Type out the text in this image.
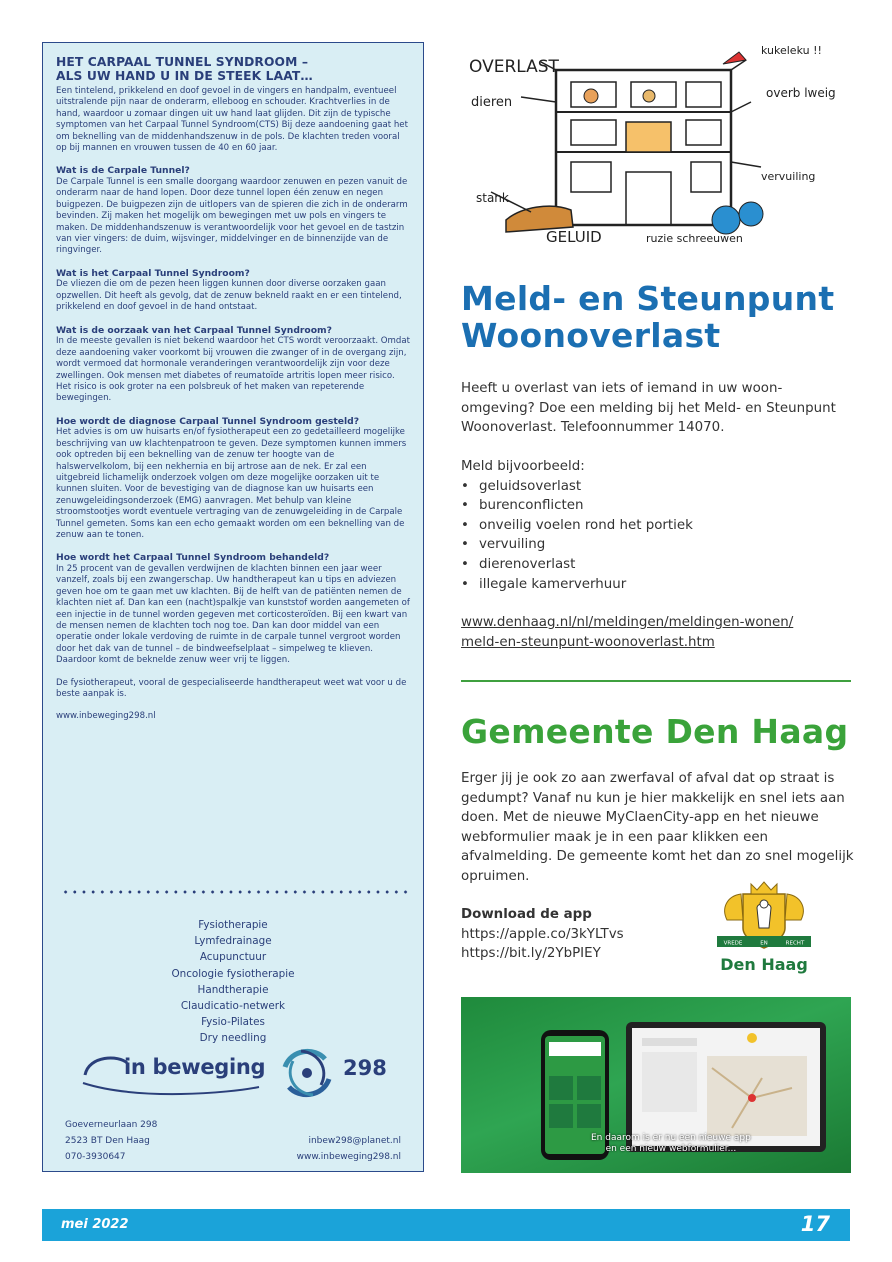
HET CARPAAL TUNNEL SYNDROOM –
ALS UW HAND U IN DE STEEK LAAT…

Een tintelend, prikkelend en doof gevoel in de vingers en handpalm, eventueel uitstralende pijn naar de onderarm, elleboog en schouder. Krachtverlies in de hand, waardoor u zomaar dingen uit uw hand laat glijden. Dit zijn de typische symptomen van het Carpaal Tunnel Syndroom(CTS) Bij deze aandoening gaat het om beknelling van de middenhandszenuw in de pols. De klachten treden vooral op bij mannen en vrouwen tussen de 40 en 60 jaar.

Wat is de Carpale Tunnel?

De Carpale Tunnel is een smalle doorgang waardoor zenuwen en pezen vanuit de onderarm naar de hand lopen. Door deze tunnel lopen één zenuw en negen buigpezen. De buigpezen zijn de uitlopers van de spieren die zich in de onderarm bevinden. Zij maken het mogelijk om bewegingen met uw pols en vingers te maken. De middenhandszenuw is verantwoordelijk voor het gevoel en de tastzin van vier vingers: de duim, wijsvinger, middelvinger en de binnenzijde van de ringvinger.

Wat is het Carpaal Tunnel Syndroom?

De vliezen die om de pezen heen liggen kunnen door diverse oorzaken gaan opzwellen. Dit heeft als gevolg, dat de zenuw bekneld raakt en er een tintelend, prikkelend en doof gevoel in de hand ontstaat.

Wat is de oorzaak van het Carpaal Tunnel Syndroom?

In de meeste gevallen is niet bekend waardoor het CTS wordt veroorzaakt. Omdat deze aandoening vaker voorkomt bij vrouwen die zwanger of in de overgang zijn, wordt vermoed dat hormonale veranderingen verantwoordelijk zijn voor deze zwellingen. Ook mensen met diabetes of reumatoïde artritis lopen meer risico. Het risico is ook groter na een polsbreuk of het maken van repeterende bewegingen.

Hoe wordt de diagnose Carpaal Tunnel Syndroom gesteld?

Het advies is om uw huisarts en/of fysiotherapeut een zo gedetailleerd mogelijke beschrijving van uw klachtenpatroon te geven. Deze symptomen kunnen immers ook optreden bij een beknelling van de zenuw ter hoogte van de halswervelkolom, bij een nekhernia en bij artrose aan de nek. Er zal een uitgebreid lichamelijk onderzoek volgen om deze mogelijke oorzaken uit te kunnen sluiten. Voor de bevestiging van de diagnose kan uw huisarts een zenuwgeleidingsonderzoek (EMG) aanvragen. Met behulp van kleine stroomstootjes wordt eventuele vertraging van de zenuwgeleiding in de Carpale Tunnel gemeten. Soms kan een echo gemaakt worden om een beknelling van de zenuw aan te tonen.

Hoe wordt het Carpaal Tunnel Syndroom behandeld?

In 25 procent van de gevallen verdwijnen de klachten binnen een jaar weer vanzelf, zoals bij een zwangerschap. Uw handtherapeut kan u tips en adviezen geven hoe om te gaan met uw klachten. Bij de helft van de patiënten nemen de klachten niet af. Dan kan een (nacht)spalkje van kunststof worden aangemeten of een injectie in de tunnel worden gegeven met corticosteroïden. Bij een kwart van de mensen nemen de klachten toch nog toe. Dan kan door middel van een operatie onder lokale verdoving de ruimte in de carpale tunnel vergroot worden door het dak van de tunnel – de bindweefselplaat – simpelweg te klieven. Daardoor komt de beknelde zenuw weer vrij te liggen.

De fysiotherapeut, vooral de gespecialiseerde handtherapeut weet wat voor u de beste aanpak is.

www.inbeweging298.nl

Fysiotherapie
Lymfedrainage
Acupunctuur
Oncologie fysiotherapie
Handtherapie
Claudicatio-netwerk
Fysio-Pilates
Dry needling
in beweging	298
Goeverneurlaan 298
2523 BT Den Haag
070-3930647
inbew298@planet.nl
www.inbeweging298.nl
OVERLAST
dieren
kukeleku !!
overb lweig
vervuiling
stank
GELUID	ruzie schreeuwen
Meld- en Steunpunt
Woonoverlast

Heeft u overlast van iets of iemand in uw woon-omgeving? Doe een melding bij het Meld- en Steunpunt Woonoverlast. Telefoonnummer 14070.

Meld bijvoorbeeld:
• geluidsoverlast
• burenconflicten
• onveilig voelen rond het portiek
• vervuiling
• dierenoverlast
• illegale kamerverhuur
www.denhaag.nl/nl/meldingen/meldingen-wonen/
meld-en-steunpunt-woonoverlast.htm
Gemeente Den Haag

Erger jij je ook zo aan zwerfaval of afval dat op straat is gedumpt? Vanaf nu kun je hier makkelijk en snel iets aan doen. Met de nieuwe MyClaenCity-app en het nieuwe webformulier maak je in een paar klikken een afvalmelding. De gemeente komt het dan zo snel mogelijk opruimen.

Download de app
https://apple.co/3kYLTvs
https://bit.ly/2YbPIEY
VREDE	EN	RECHT
Den Haag
En daarom is er nu een nieuwe app
en een nieuw webformulier...
mei 2022	17
